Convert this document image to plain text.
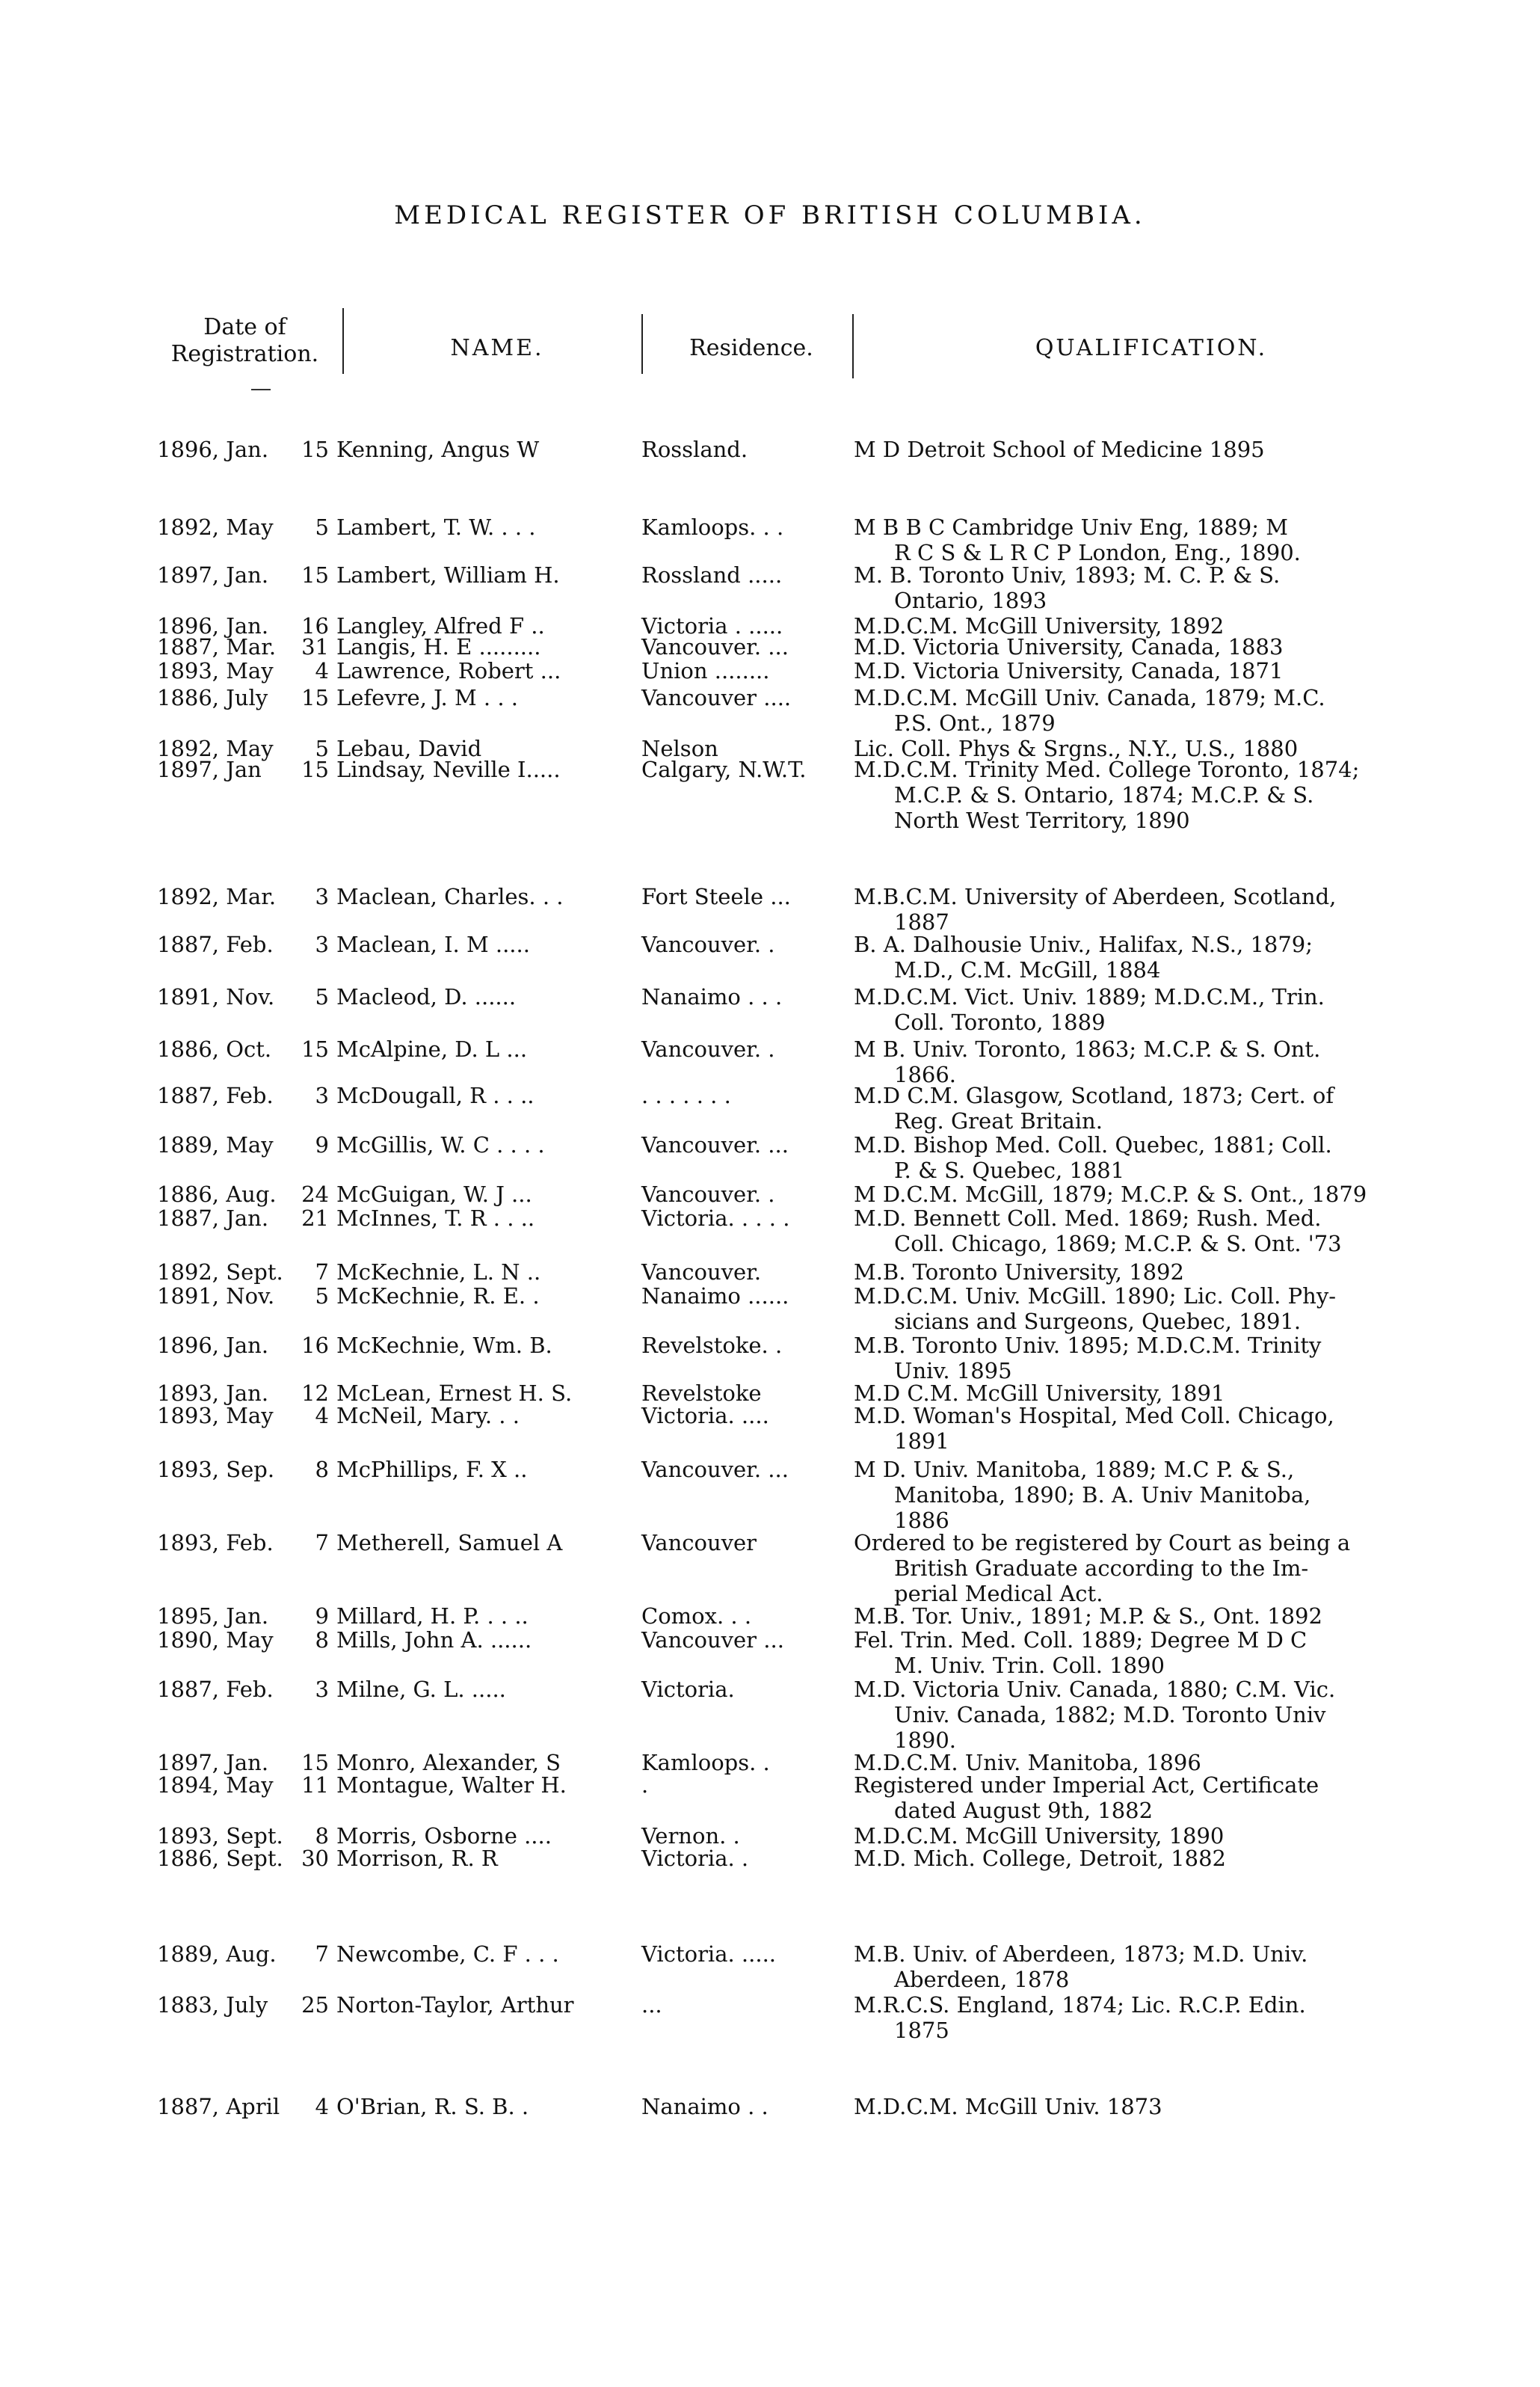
MEDICAL REGISTER OF BRITISH COLUMBIA.
Date of
Registration.	NAME.	Residence.	QUALIFICATION.
1896, Jan.	15 Kenning, Angus W	Rossland.	M D Detroit School of Medicine 1895
1892, May	5 Lambert, T. W. . . .	Kamloops. . .	M B B C Cambridge Univ Eng, 1889; M
R C S & L R C P London, Eng., 1890.
1897, Jan.	15 Lambert, William H.	Rossland .....	M. B. Toronto Univ, 1893; M. C. P. & S.
Ontario, 1893
1896, Jan.	16 Langley, Alfred F ..	Victoria . .....	M.D.C.M. McGill University, 1892
1887, Mar.	31 Langis, H. E .........	Vancouver. ...	M.D. Victoria University, Canada, 1883
1893, May	4 Lawrence, Robert ...	Union ........	M.D. Victoria University, Canada, 1871
1886, July	15 Lefevre, J. M . . .	Vancouver ....	M.D.C.M. McGill Univ. Canada, 1879; M.C.
P.S. Ont., 1879
1892, May	5 Lebau, David	Nelson	Lic. Coll. Phys & Srgns., N.Y., U.S., 1880
1897, Jan	15 Lindsay, Neville I.....	Calgary, N.W.T.	M.D.C.M. Trinity Med. College Toronto, 1874;
M.C.P. & S. Ontario, 1874; M.C.P. & S.
North West Territory, 1890
1892, Mar.	3 Maclean, Charles. . .	Fort Steele ...	M.B.C.M. University of Aberdeen, Scotland,
1887
1887, Feb.	3 Maclean, I. M .....	Vancouver. .	B. A. Dalhousie Univ., Halifax, N.S., 1879;
M.D., C.M. McGill, 1884
1891, Nov.	5 Macleod, D. ......	Nanaimo . . .	M.D.C.M. Vict. Univ. 1889; M.D.C.M., Trin.
Coll. Toronto, 1889
1886, Oct.	15 McAlpine, D. L ...	Vancouver. .	M B. Univ. Toronto, 1863; M.C.P. & S. Ont.
1866.
1887, Feb.	3 McDougall, R . . ..	. . . . . . .	M.D C.M. Glasgow, Scotland, 1873; Cert. of
Reg. Great Britain.
1889, May	9 McGillis, W. C . . . .	Vancouver. ...	M.D. Bishop Med. Coll. Quebec, 1881; Coll.
P. & S. Quebec, 1881
1886, Aug.	24 McGuigan, W. J ...	Vancouver. .	M D.C.M. McGill, 1879; M.C.P. & S. Ont., 1879
1887, Jan.	21 McInnes, T. R . . ..	Victoria. . . . .	M.D. Bennett Coll. Med. 1869; Rush. Med.
Coll. Chicago, 1869; M.C.P. & S. Ont. '73
1892, Sept.	7 McKechnie, L. N ..	Vancouver.	M.B. Toronto University, 1892
1891, Nov.	5 McKechnie, R. E. .	Nanaimo ......	M.D.C.M. Univ. McGill. 1890; Lic. Coll. Phy-
sicians and Surgeons, Quebec, 1891.
1896, Jan.	16 McKechnie, Wm. B.	Revelstoke. .	M.B. Toronto Univ. 1895; M.D.C.M. Trinity
Univ. 1895
1893, Jan.	12 McLean, Ernest H. S.	Revelstoke	M.D C.M. McGill University, 1891
1893, May	4 McNeil, Mary. . .	Victoria. ....	M.D. Woman's Hospital, Med Coll. Chicago,
1891
1893, Sep.	8 McPhillips, F. X ..	Vancouver. ...	M D. Univ. Manitoba, 1889; M.C P. & S.,
Manitoba, 1890; B. A. Univ Manitoba,
1886
1893, Feb.	7 Metherell, Samuel A	Vancouver	Ordered to be registered by Court as being a
British Graduate according to the Im-
perial Medical Act.
1895, Jan.	9 Millard, H. P. . . ..	Comox. . .	M.B. Tor. Univ., 1891; M.P. & S., Ont. 1892
1890, May	8 Mills, John A. ......	Vancouver ...	Fel. Trin. Med. Coll. 1889; Degree M D C
M. Univ. Trin. Coll. 1890
1887, Feb.	3 Milne, G. L. .....	Victoria.	M.D. Victoria Univ. Canada, 1880; C.M. Vic.
Univ. Canada, 1882; M.D. Toronto Univ
1890.
1897, Jan.	15 Monro, Alexander, S	Kamloops. .	M.D.C.M. Univ. Manitoba, 1896
1894, May	11 Montague, Walter H.	.	Registered under Imperial Act, Certificate
dated August 9th, 1882
1893, Sept.	8 Morris, Osborne ....	Vernon. .	M.D.C.M. McGill University, 1890
1886, Sept. 30 Morrison, R. R	Victoria. .	M.D. Mich. College, Detroit, 1882
1889, Aug.	7 Newcombe, C. F . . .	Victoria. .....	M.B. Univ. of Aberdeen, 1873; M.D. Univ.
Aberdeen, 1878
1883, July	25 Norton-Taylor, Arthur	...	M.R.C.S. England, 1874; Lic. R.C.P. Edin.
1875
1887, April	4 O'Brian, R. S. B. .	Nanaimo . .	M.D.C.M. McGill Univ. 1873
